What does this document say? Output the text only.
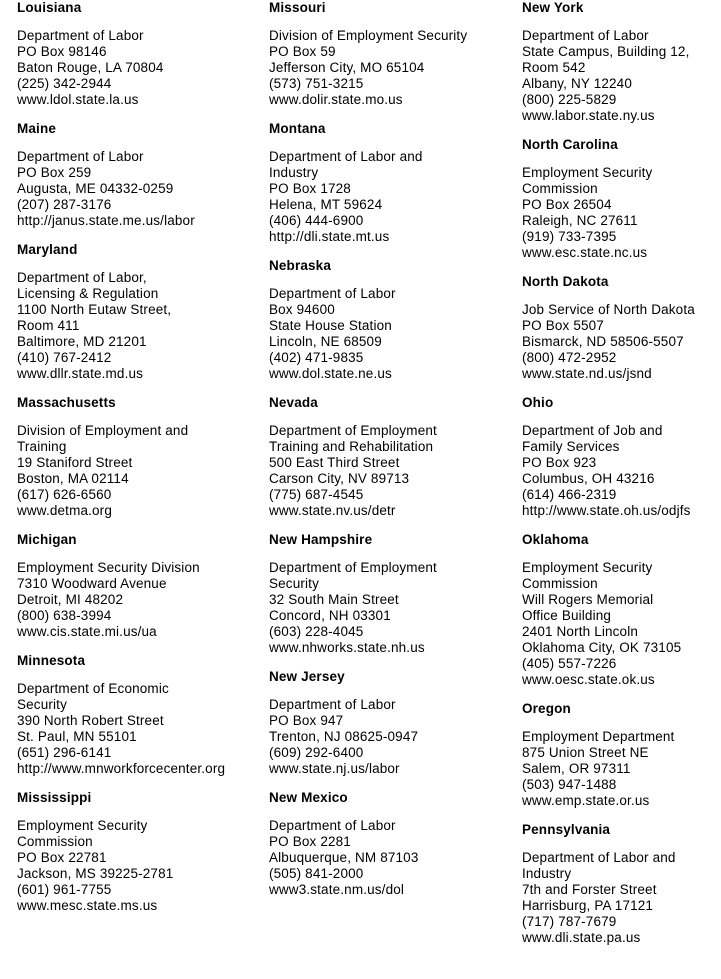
Louisiana
Department of Labor
PO Box 98146
Baton Rouge, LA 70804
(225) 342-2944
www.ldol.state.la.us
Maine
Department of Labor
PO Box 259
Augusta, ME 04332-0259
(207) 287-3176
http://janus.state.me.us/labor
Maryland
Department of Labor,
Licensing & Regulation
1100 North Eutaw Street,
Room 411
Baltimore, MD 21201
(410) 767-2412
www.dllr.state.md.us
Massachusetts
Division of Employment and
Training
19 Staniford Street
Boston, MA 02114
(617) 626-6560
www.detma.org
Michigan
Employment Security Division
7310 Woodward Avenue
Detroit, MI 48202
(800) 638-3994
www.cis.state.mi.us/ua
Minnesota
Department of Economic
Security
390 North Robert Street
St. Paul, MN 55101
(651) 296-6141
http://www.mnworkforcecenter.org
Mississippi
Employment Security
Commission
PO Box 22781
Jackson, MS 39225-2781
(601) 961-7755
www.mesc.state.ms.us
Missouri
Division of Employment Security
PO Box 59
Jefferson City, MO 65104
(573) 751-3215
www.dolir.state.mo.us
Montana
Department of Labor and
Industry
PO Box 1728
Helena, MT 59624
(406) 444-6900
http://dli.state.mt.us
Nebraska
Department of Labor
Box 94600
State House Station
Lincoln, NE 68509
(402) 471-9835
www.dol.state.ne.us
Nevada
Department of Employment
Training and Rehabilitation
500 East Third Street
Carson City, NV 89713
(775) 687-4545
www.state.nv.us/detr
New Hampshire
Department of Employment
Security
32 South Main Street
Concord, NH 03301
(603) 228-4045
www.nhworks.state.nh.us
New Jersey
Department of Labor
PO Box 947
Trenton, NJ 08625-0947
(609) 292-6400
www.state.nj.us/labor
New Mexico
Department of Labor
PO Box 2281
Albuquerque, NM 87103
(505) 841-2000
www3.state.nm.us/dol
New York
Department of Labor
State Campus, Building 12,
Room 542
Albany, NY 12240
(800) 225-5829
www.labor.state.ny.us
North Carolina
Employment Security
Commission
PO Box 26504
Raleigh, NC 27611
(919) 733-7395
www.esc.state.nc.us
North Dakota
Job Service of North Dakota
PO Box 5507
Bismarck, ND 58506-5507
(800) 472-2952
www.state.nd.us/jsnd
Ohio
Department of Job and
Family Services
PO Box 923
Columbus, OH 43216
(614) 466-2319
http://www.state.oh.us/odjfs
Oklahoma
Employment Security
Commission
Will Rogers Memorial
Office Building
2401 North Lincoln
Oklahoma City, OK 73105
(405) 557-7226
www.oesc.state.ok.us
Oregon
Employment Department
875 Union Street NE
Salem, OR 97311
(503) 947-1488
www.emp.state.or.us
Pennsylvania
Department of Labor and
Industry
7th and Forster Street
Harrisburg, PA 17121
(717) 787-7679
www.dli.state.pa.us
